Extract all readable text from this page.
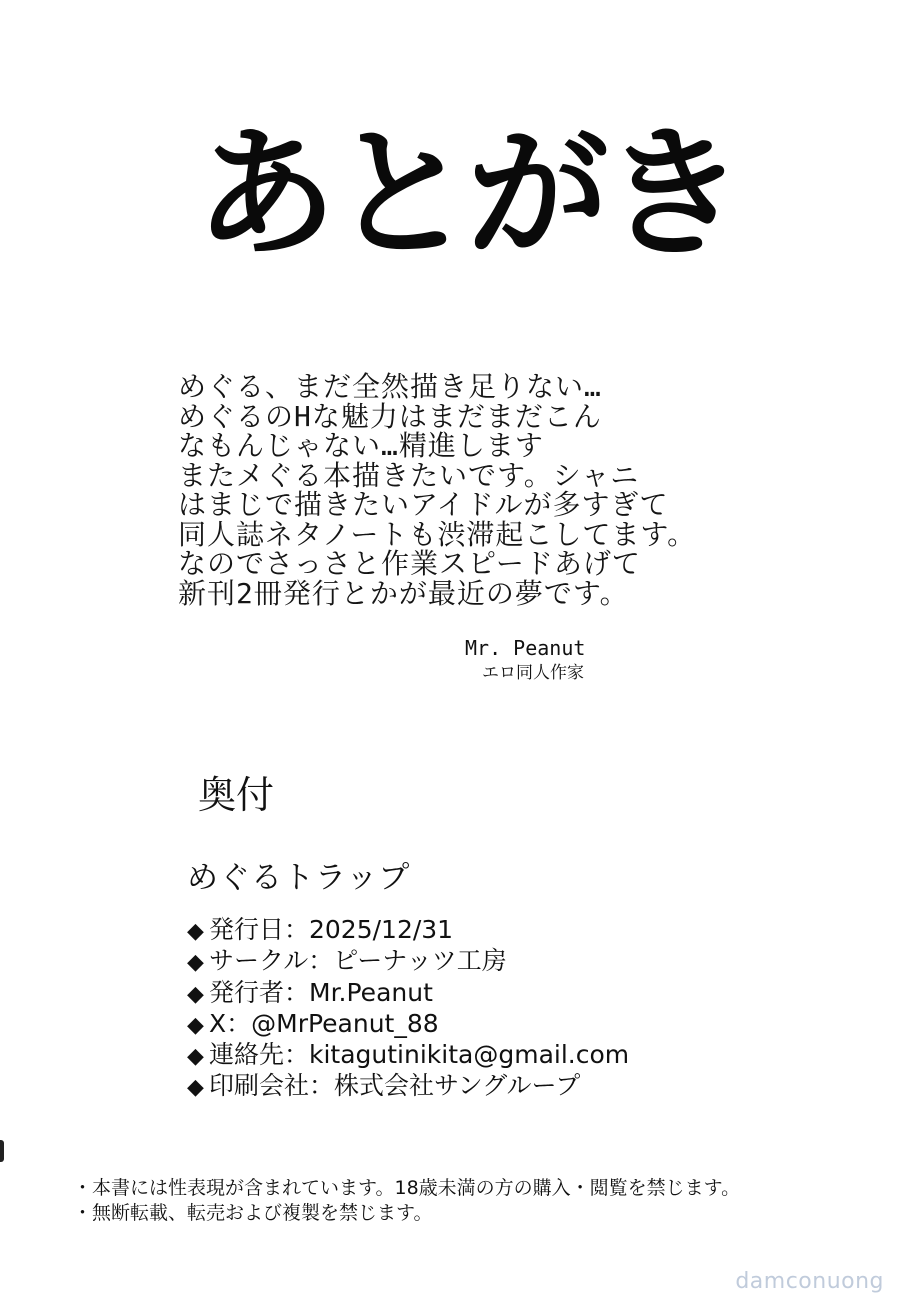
あとがき
めぐる、まだ全然描き足りない…
めぐるのHな魅力はまだまだこん
なもんじゃない…精進します
またメぐる本描きたいです。シャニ
はまじで描きたいアイドルが多すぎて
同人誌ネタノートも渋滞起こしてます。
なのでさっさと作業スピードあげて
新刊2冊発行とかが最近の夢です。
Mr. Peanut
エロ同人作家
奥付
めぐるトラップ
◆ 発行日：2025/12/31
◆ サークル：ピーナッツ工房
◆ 発行者：Mr.Peanut
◆ X：@MrPeanut_88
◆ 連絡先：kitagutinikita@gmail.com
◆ 印刷会社：株式会社サングループ
・本書には性表現が含まれています。18歳未満の方の購入・閲覧を禁じます。
・無断転載、転売および複製を禁じます。
damconuong
